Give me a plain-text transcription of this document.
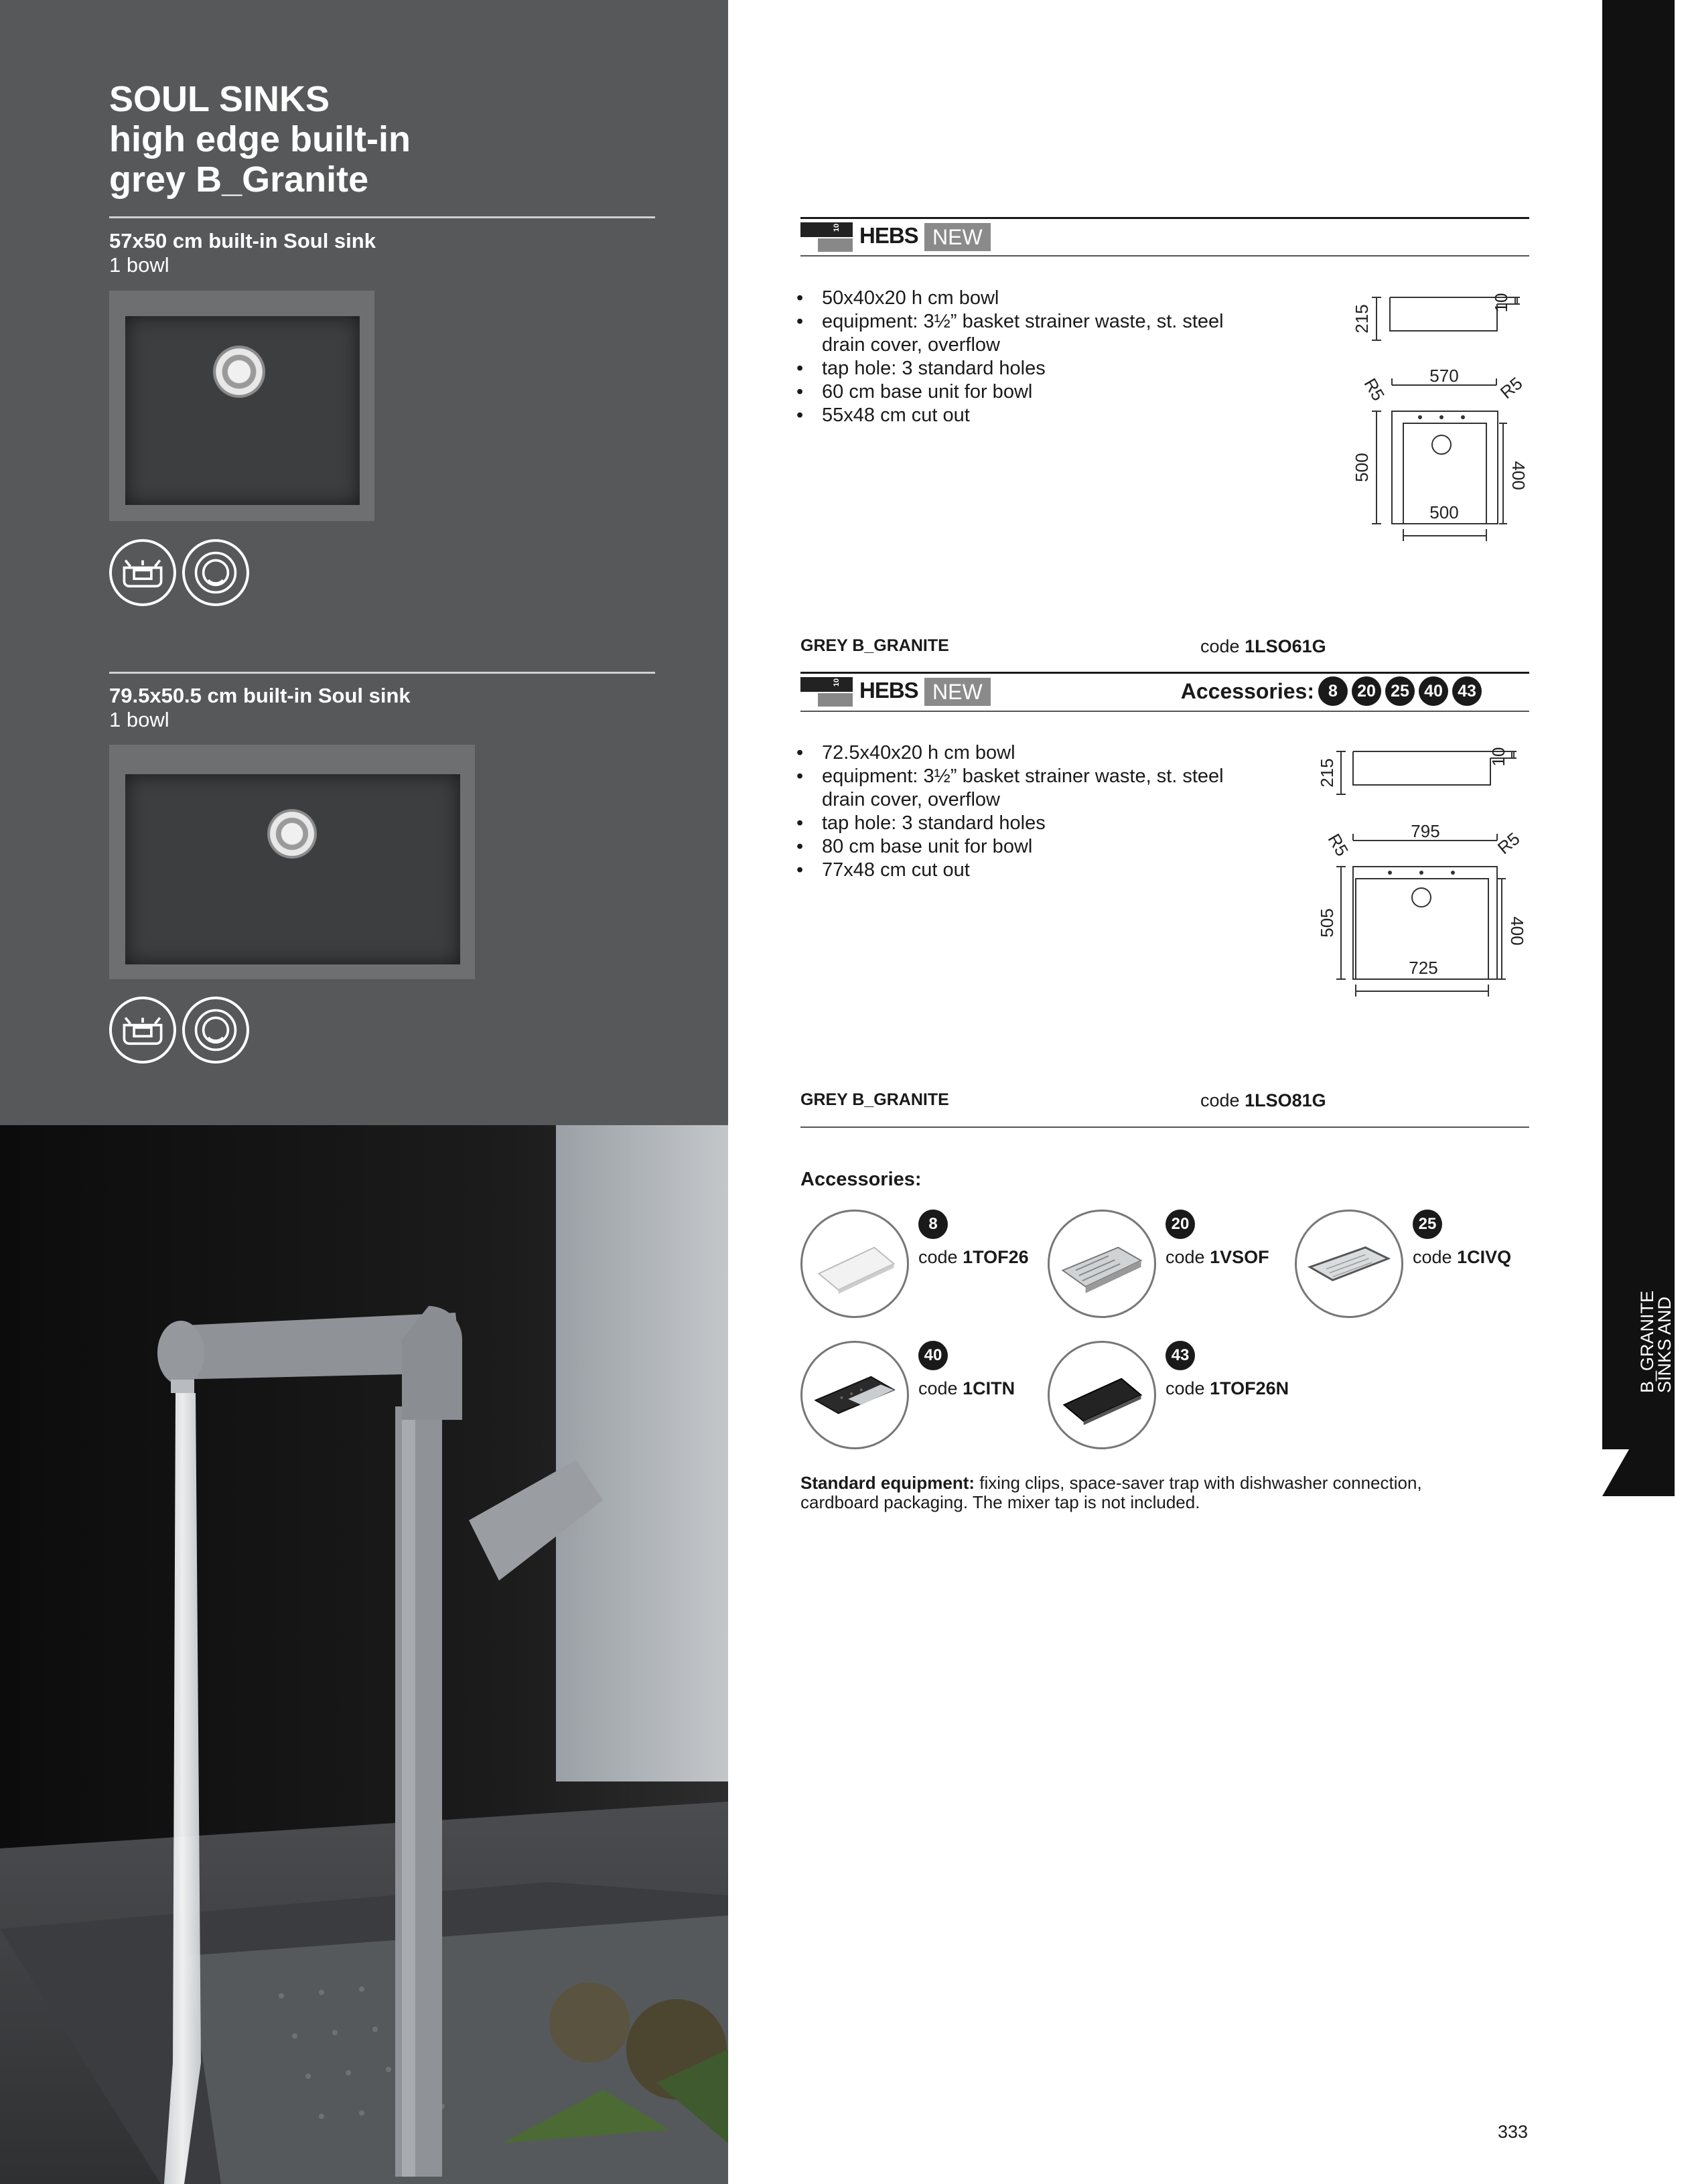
SOUL SINKS
high edge built-in
grey B_Granite
57x50 cm built-in Soul sink
1 bowl
79.5x50.5 cm built-in Soul sink
1 bowl
10 HEBS NEW
• 50x40x20 h cm bowl
• equipment: 3½” basket strainer waste, st. steel drain cover, overflow
• tap hole: 3 standard holes
• 60 cm base unit for bowl
• 55x48 cm cut out
215
10
570
R5	R5
500	400
500
GREY B_GRANITE	code 1LSO61G
10 HEBS NEW	Accessories: 8	20 25 40 43
• 72.5x40x20 h cm bowl
• equipment: 3½” basket strainer waste, st. steel drain cover, overflow
• tap hole: 3 standard holes
• 80 cm base unit for bowl
• 77x48 cm cut out
215
10
795
R5	R5
505	400
725
GREY B_GRANITE	code 1LSO81G
Accessories:
8
code 1TOF26
20
code 1VSOF
25
code 1CIVQ
40
code 1CITN
43
code 1TOF26N
Standard equipment: fixing clips, space-saver trap with dishwasher connection, cardboard packaging. The mixer tap is not included.
B_GRANITE
SINKS AND
SQUARE BOWLS
333
